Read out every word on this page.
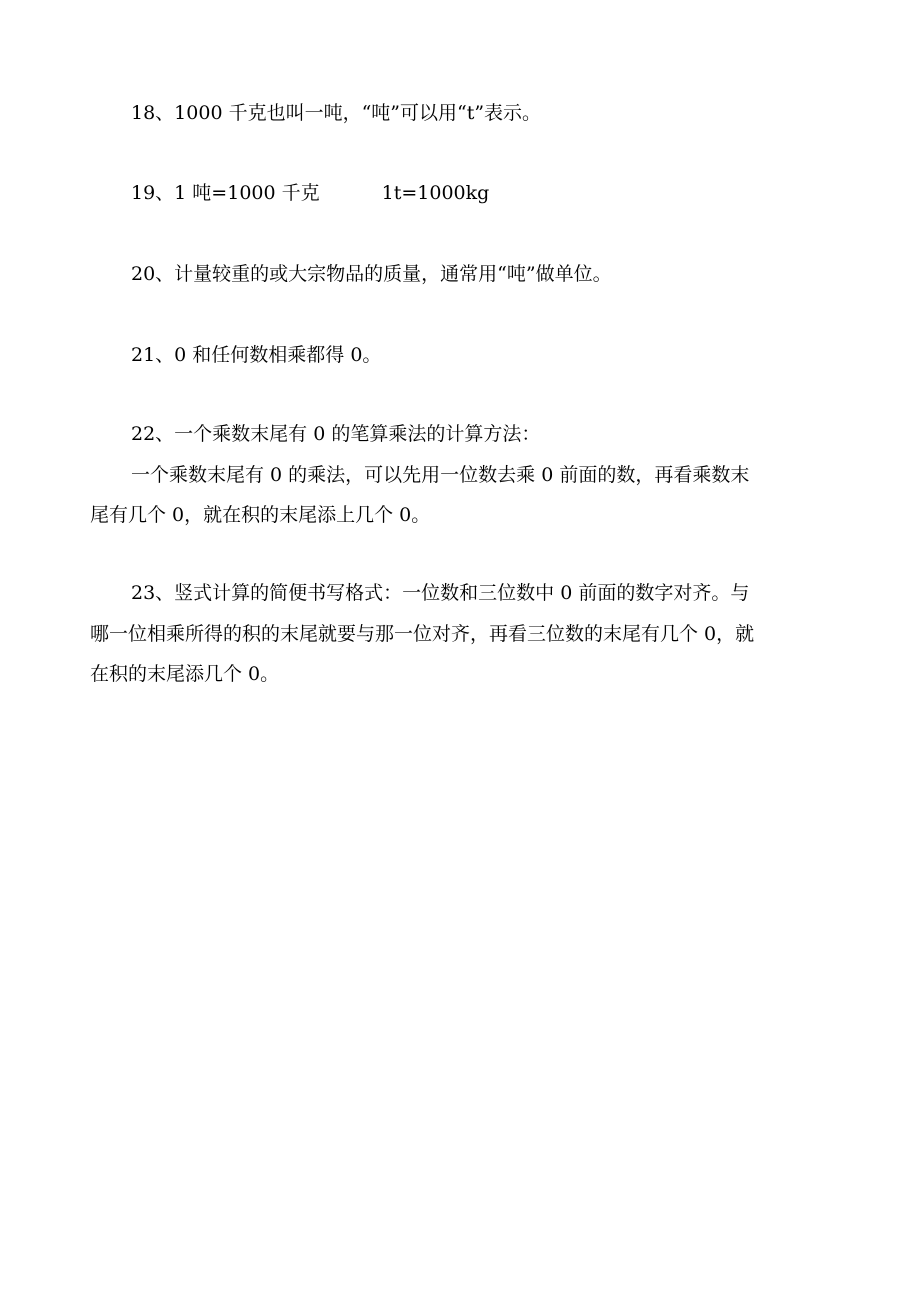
18、1000 千克也叫一吨，“吨”可以用“t”表示。
19、1 吨=1000 千克	1t=1000kg
20、计量较重的或大宗物品的质量，通常用“吨”做单位。
21、0 和任何数相乘都得 0。
22、一个乘数末尾有 0 的笔算乘法的计算方法：
一个乘数末尾有 0 的乘法，可以先用一位数去乘 0 前面的数，再看乘数末
尾有几个 0，就在积的末尾添上几个 0。
23、竖式计算的简便书写格式：一位数和三位数中 0 前面的数字对齐。与
哪一位相乘所得的积的末尾就要与那一位对齐，再看三位数的末尾有几个 0，就
在积的末尾添几个 0。
